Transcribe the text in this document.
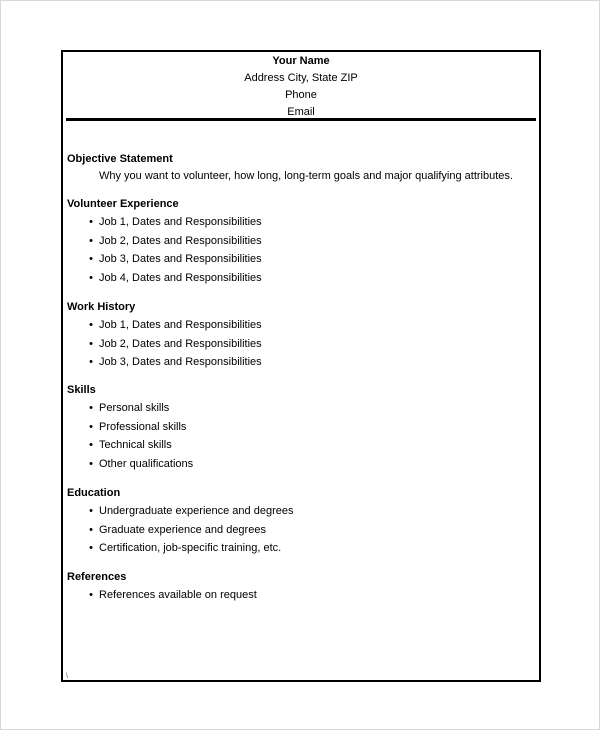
Your Name
Address City, State ZIP
Phone
Email
Objective Statement
Why you want to volunteer, how long, long-term goals and major qualifying attributes.
Volunteer Experience
• Job 1, Dates and Responsibilities
• Job 2, Dates and Responsibilities
• Job 3, Dates and Responsibilities
• Job 4, Dates and Responsibilities
Work History
• Job 1, Dates and Responsibilities
• Job 2, Dates and Responsibilities
• Job 3, Dates and Responsibilities
Skills
• Personal skills
• Professional skills
• Technical skills
• Other qualifications
Education
• Undergraduate experience and degrees
• Graduate experience and degrees
• Certification, job-specific training, etc.
References
• References available on request
\
